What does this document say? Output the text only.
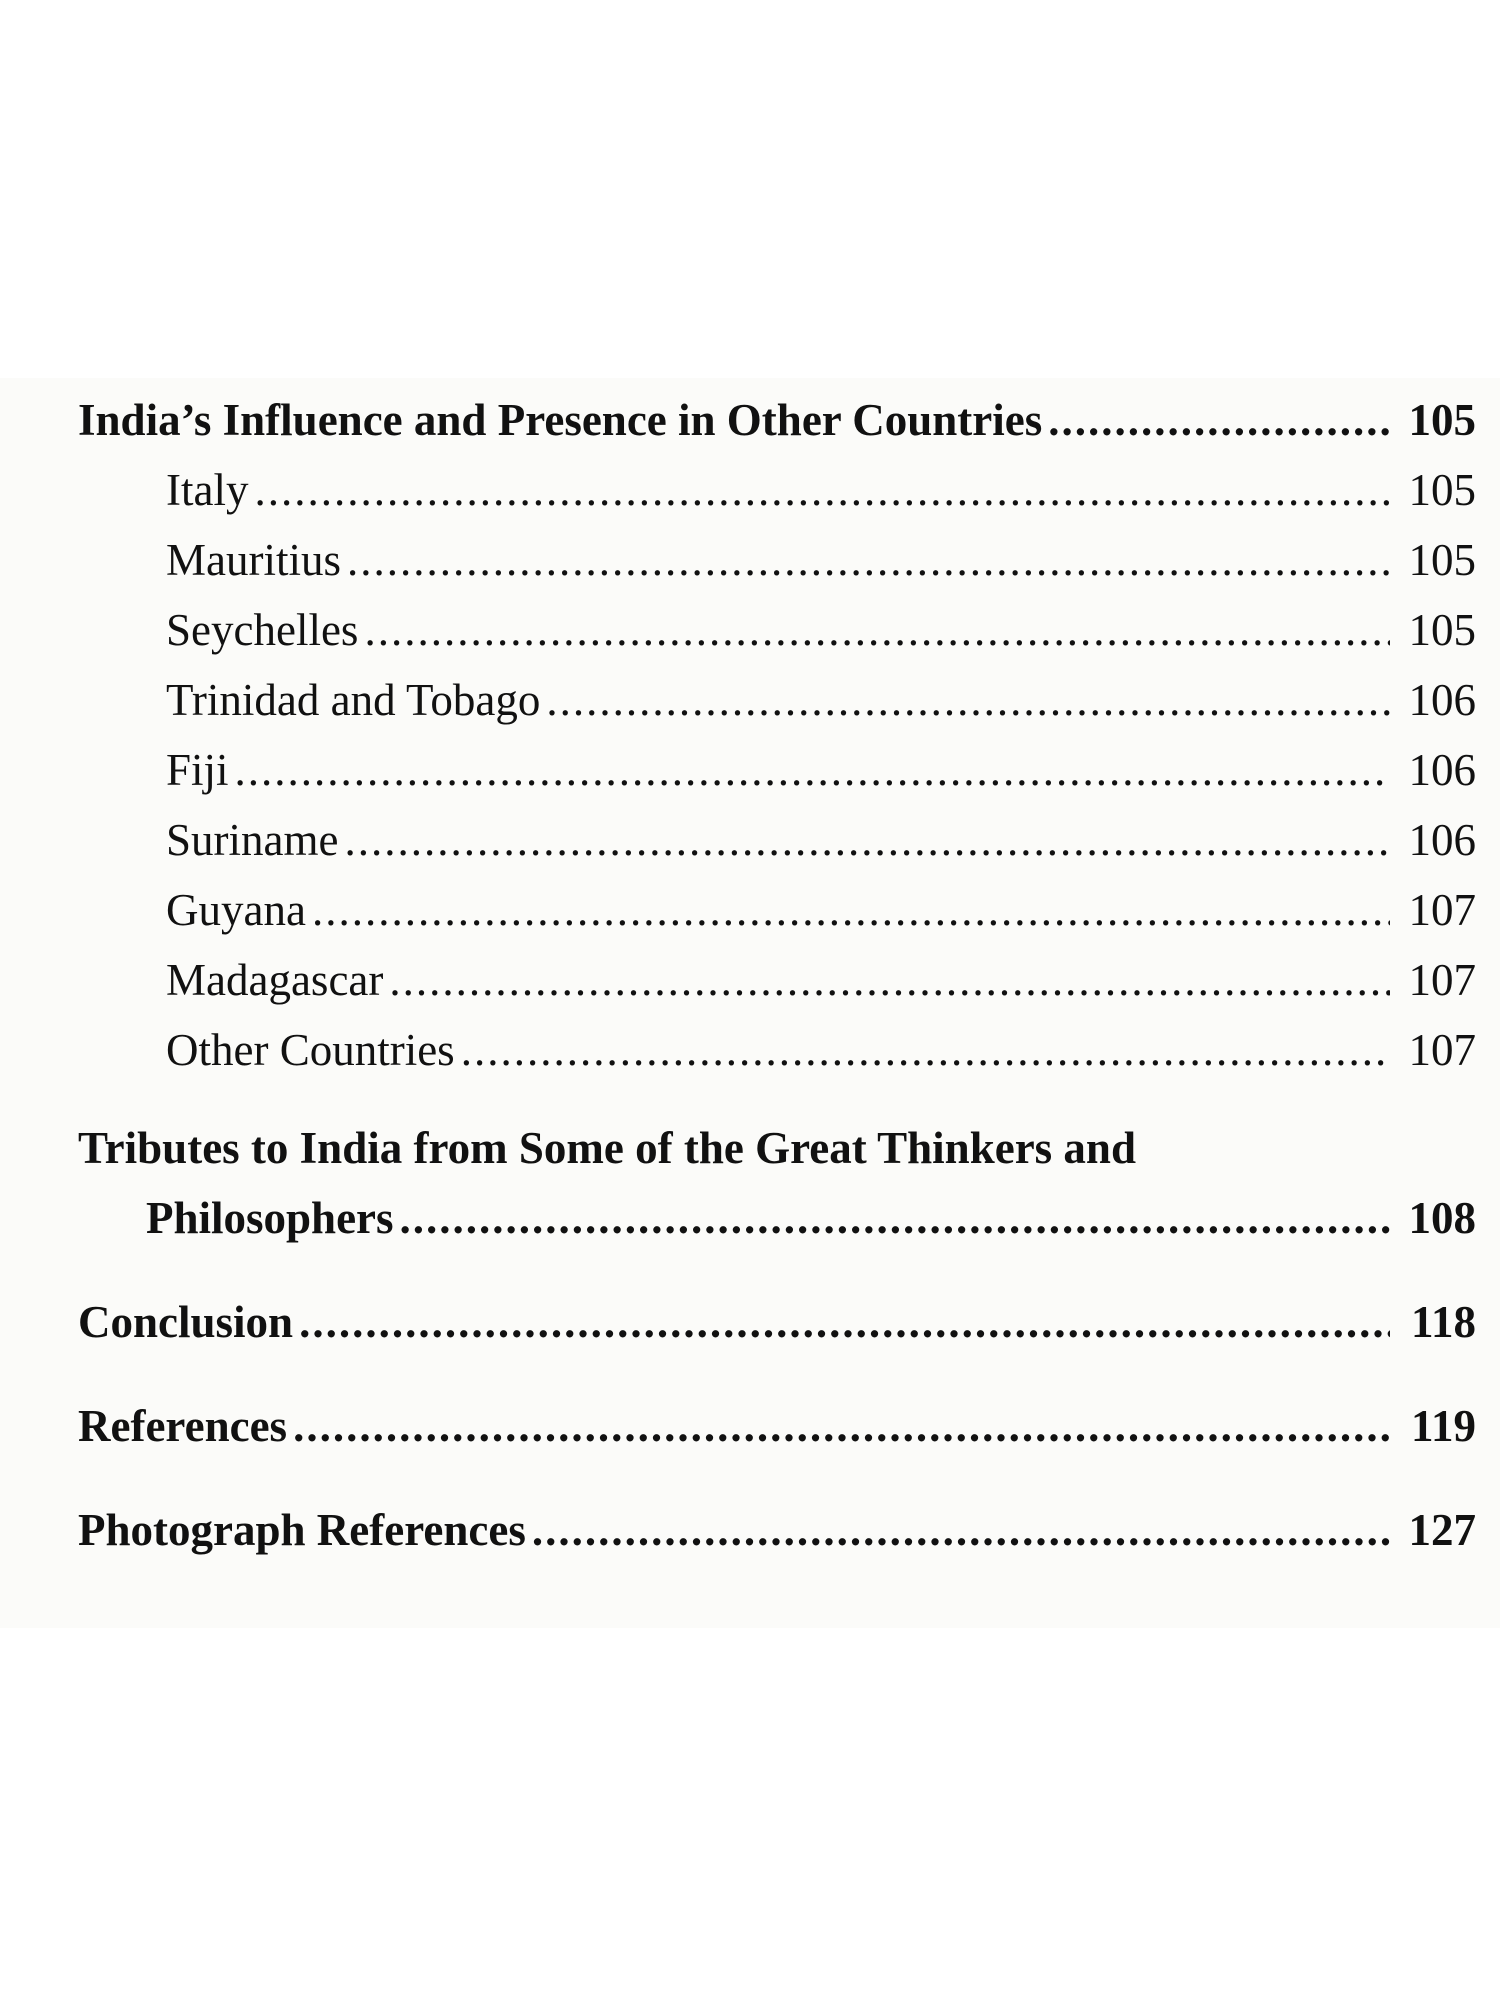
India’s Influence and Presence in Other Countries .....	105
Italy .....	105
Mauritius .....	105
Seychelles .....	105
Trinidad and Tobago .....	106
Fiji .....	106
Suriname .....	106
Guyana .....	107
Madagascar .....	107
Other Countries .....	107
Tributes to India from Some of the Great Thinkers and
Philosophers .....	108
Conclusion .....	118
References .....	119
Photograph References .....	127
